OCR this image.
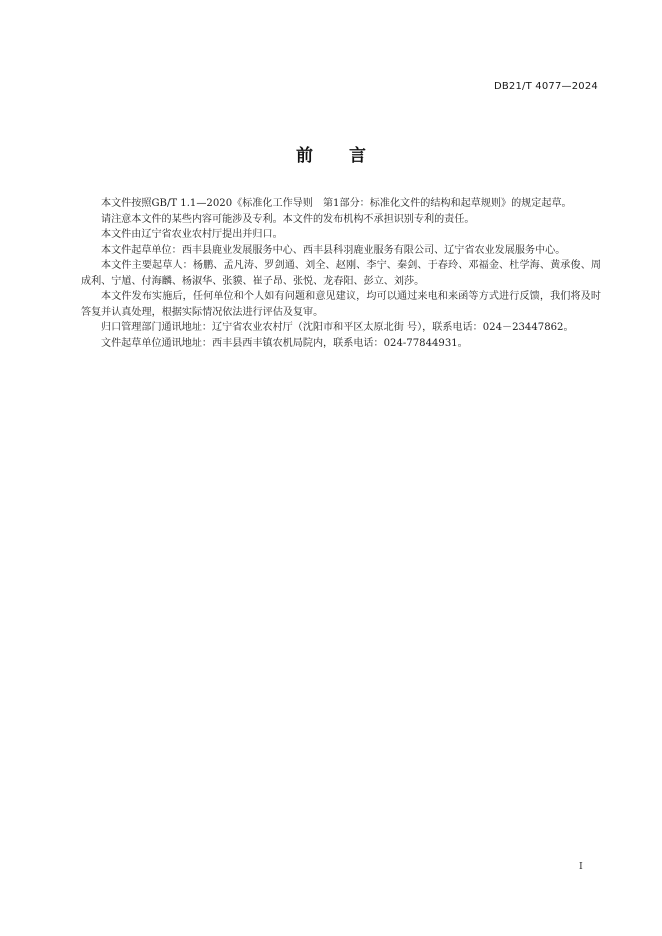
DB21/T 4077—2024
前 言

本文件按照GB/T 1.1—2020《标准化工作导则　第1部分：标准化文件的结构和起草规则》的规定起草。

请注意本文件的某些内容可能涉及专利。本文件的发布机构不承担识别专利的责任。

本文件由辽宁省农业农村厅提出并归口。

本文件起草单位：西丰县鹿业发展服务中心、西丰县科羽鹿业服务有限公司、辽宁省农业发展服务中心。

本文件主要起草人：杨鹏、孟凡涛、罗剑通、刘全、赵刚、李宁、秦剑、于春玲、邓福金、杜学海、黄承俊、周成利、宁馗、付海麟、杨淑华、张貘、崔子昂、张悦、龙春阳、彭立、刘莎。

本文件发布实施后，任何单位和个人如有问题和意见建议，均可以通过来电和来函等方式进行反馈，我们将及时答复并认真处理，根据实际情况依法进行评估及复审。

归口管理部门通讯地址：辽宁省农业农村厅（沈阳市和平区太原北街 号），联系电话：024－23447862。

文件起草单位通讯地址：西丰县西丰镇农机局院内，联系电话：024-77844931。

I
